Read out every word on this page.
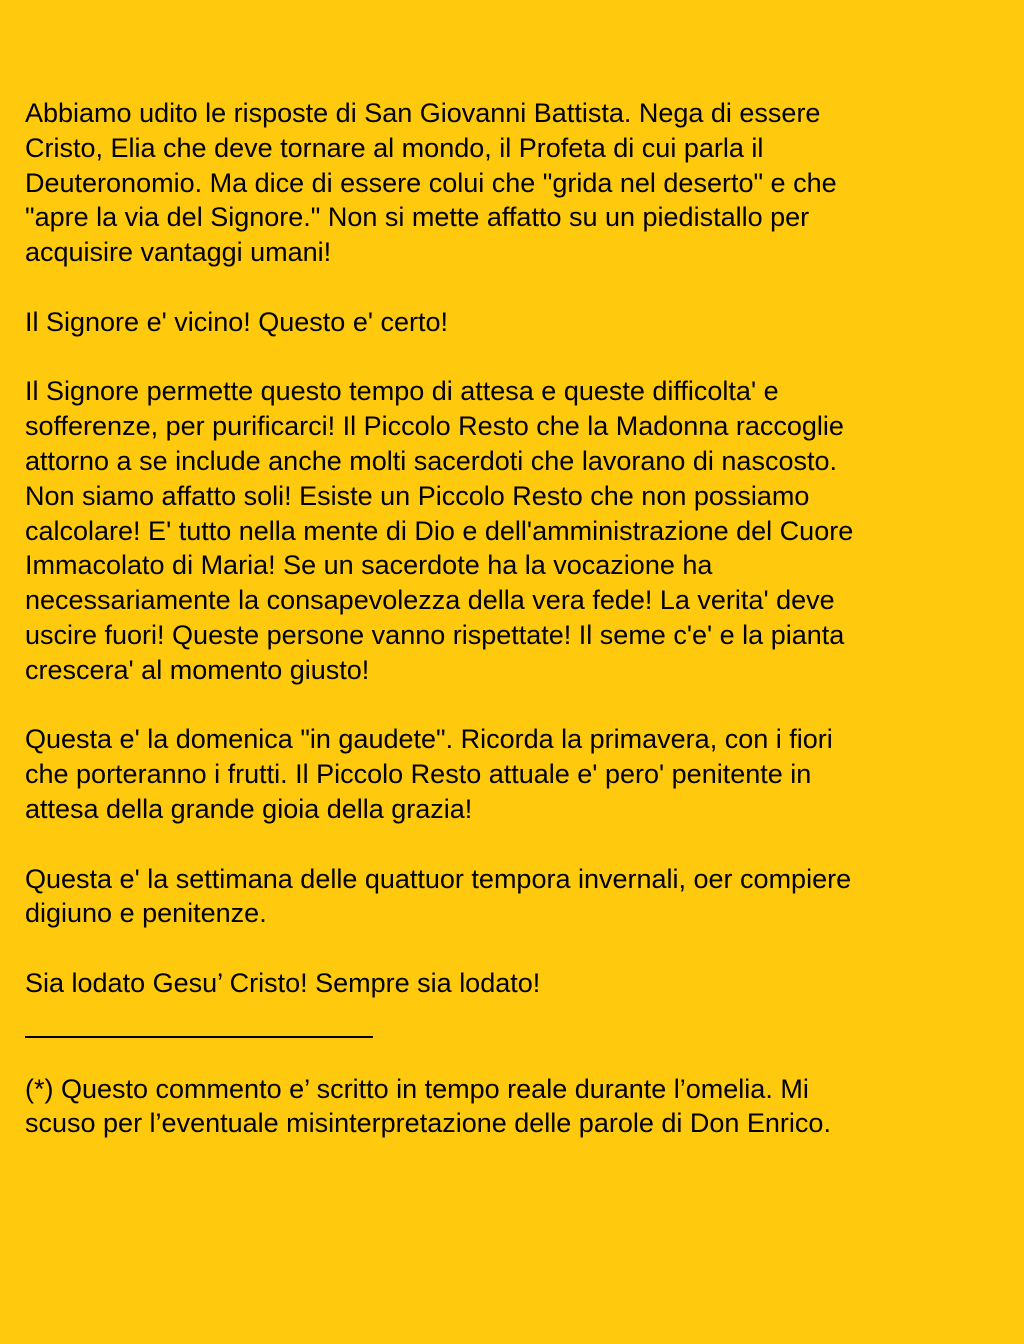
Abbiamo udito le risposte di San Giovanni Battista. Nega di essere
Cristo, Elia che deve tornare al mondo, il Profeta di cui parla il
Deuteronomio. Ma dice di essere colui che "grida nel deserto" e che
"apre la via del Signore." Non si mette affatto su un piedistallo per
acquisire vantaggi umani!

Il Signore e' vicino! Questo e' certo!

Il Signore permette questo tempo di attesa e queste difficolta' e
sofferenze, per purificarci! Il Piccolo Resto che la Madonna raccoglie
attorno a se include anche molti sacerdoti che lavorano di nascosto.
Non siamo affatto soli! Esiste un Piccolo Resto che non possiamo
calcolare! E' tutto nella mente di Dio e dell'amministrazione del Cuore
Immacolato di Maria! Se un sacerdote ha la vocazione ha
necessariamente la consapevolezza della vera fede! La verita' deve
uscire fuori! Queste persone vanno rispettate! Il seme c'e' e la pianta
crescera' al momento giusto!

Questa e' la domenica "in gaudete". Ricorda la primavera, con i fiori
che porteranno i frutti. Il Piccolo Resto attuale e' pero' penitente in
attesa della grande gioia della grazia!

Questa e' la settimana delle quattuor tempora invernali, oer compiere
digiuno e penitenze.

Sia lodato Gesu’ Cristo! Sempre sia lodato!

(*) Questo commento e’ scritto in tempo reale durante l’omelia. Mi
scuso per l’eventuale misinterpretazione delle parole di Don Enrico.
